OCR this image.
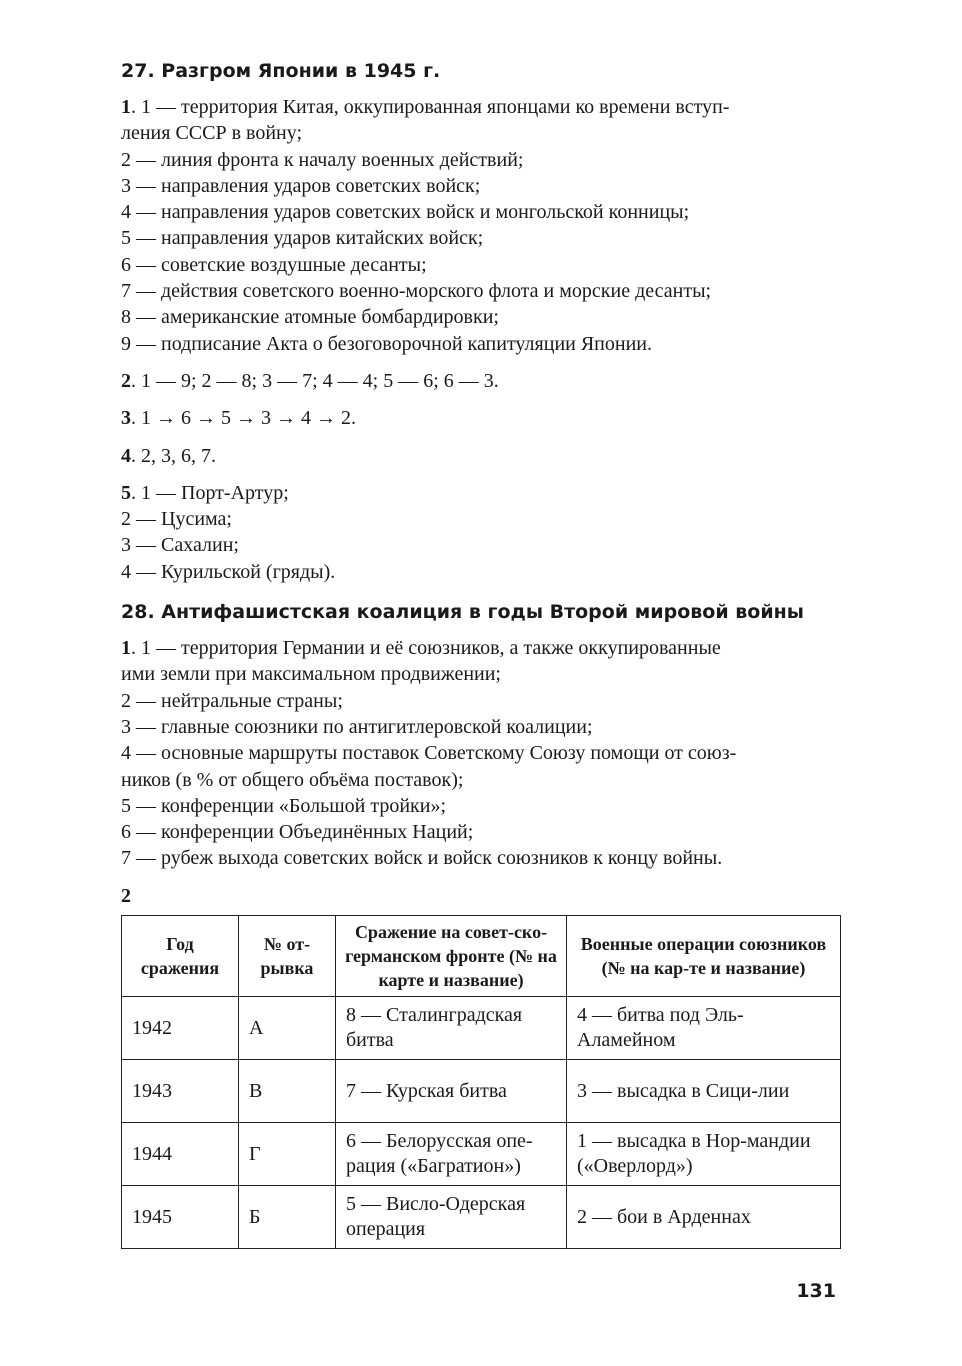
27. Разгром Японии в 1945 г.
1. 1 — территория Китая, оккупированная японцами ко времени вступ-
ления СССР в войну;
2 — линия фронта к началу военных действий;
3 — направления ударов советских войск;
4 — направления ударов советских войск и монгольской конницы;
5 — направления ударов китайских войск;
6 — советские воздушные десанты;
7 — действия советского военно-морского флота и морские десанты;
8 — американские атомные бомбардировки;
9 — подписание Акта о безоговорочной капитуляции Японии.
2. 1 — 9; 2 — 8; 3 — 7; 4 — 4; 5 — 6; 6 — 3.
3. 1 → 6 → 5 → 3 → 4 → 2.
4. 2, 3, 6, 7.
5. 1 — Порт-Артур;
2 — Цусима;
3 — Сахалин;
4 — Курильской (гряды).
28. Антифашистская коалиция в годы Второй мировой войны
1. 1 — территория Германии и её союзников, а также оккупированные
ими земли при максимальном продвижении;
2 — нейтральные страны;
3 — главные союзники по антигитлеровской коалиции;
4 — основные маршруты поставок Советскому Союзу помощи от союз-
ников (в % от общего объёма поставок);
5 — конференции «Большой тройки»;
6 — конференции Объединённых Наций;
7 — рубеж выхода советских войск и войск союзников к концу войны.
2
Год сражения	№ от-рывка	Сражение на совет-ско-германском фронте (№ на карте и название)	Военные операции союзников (№ на кар-те и название)
1942	А	8 — Сталинградская битва	4 — битва под Эль-Аламейном
1943	В	7 — Курская битва	3 — высадка в Сици-лии
1944	Г	6 — Белорусская опе-рация («Багратион»)	1 — высадка в Нор-мандии («Оверлорд»)
1945	Б	5 — Висло-Одерская операция	2 — бои в Арденнах
131
